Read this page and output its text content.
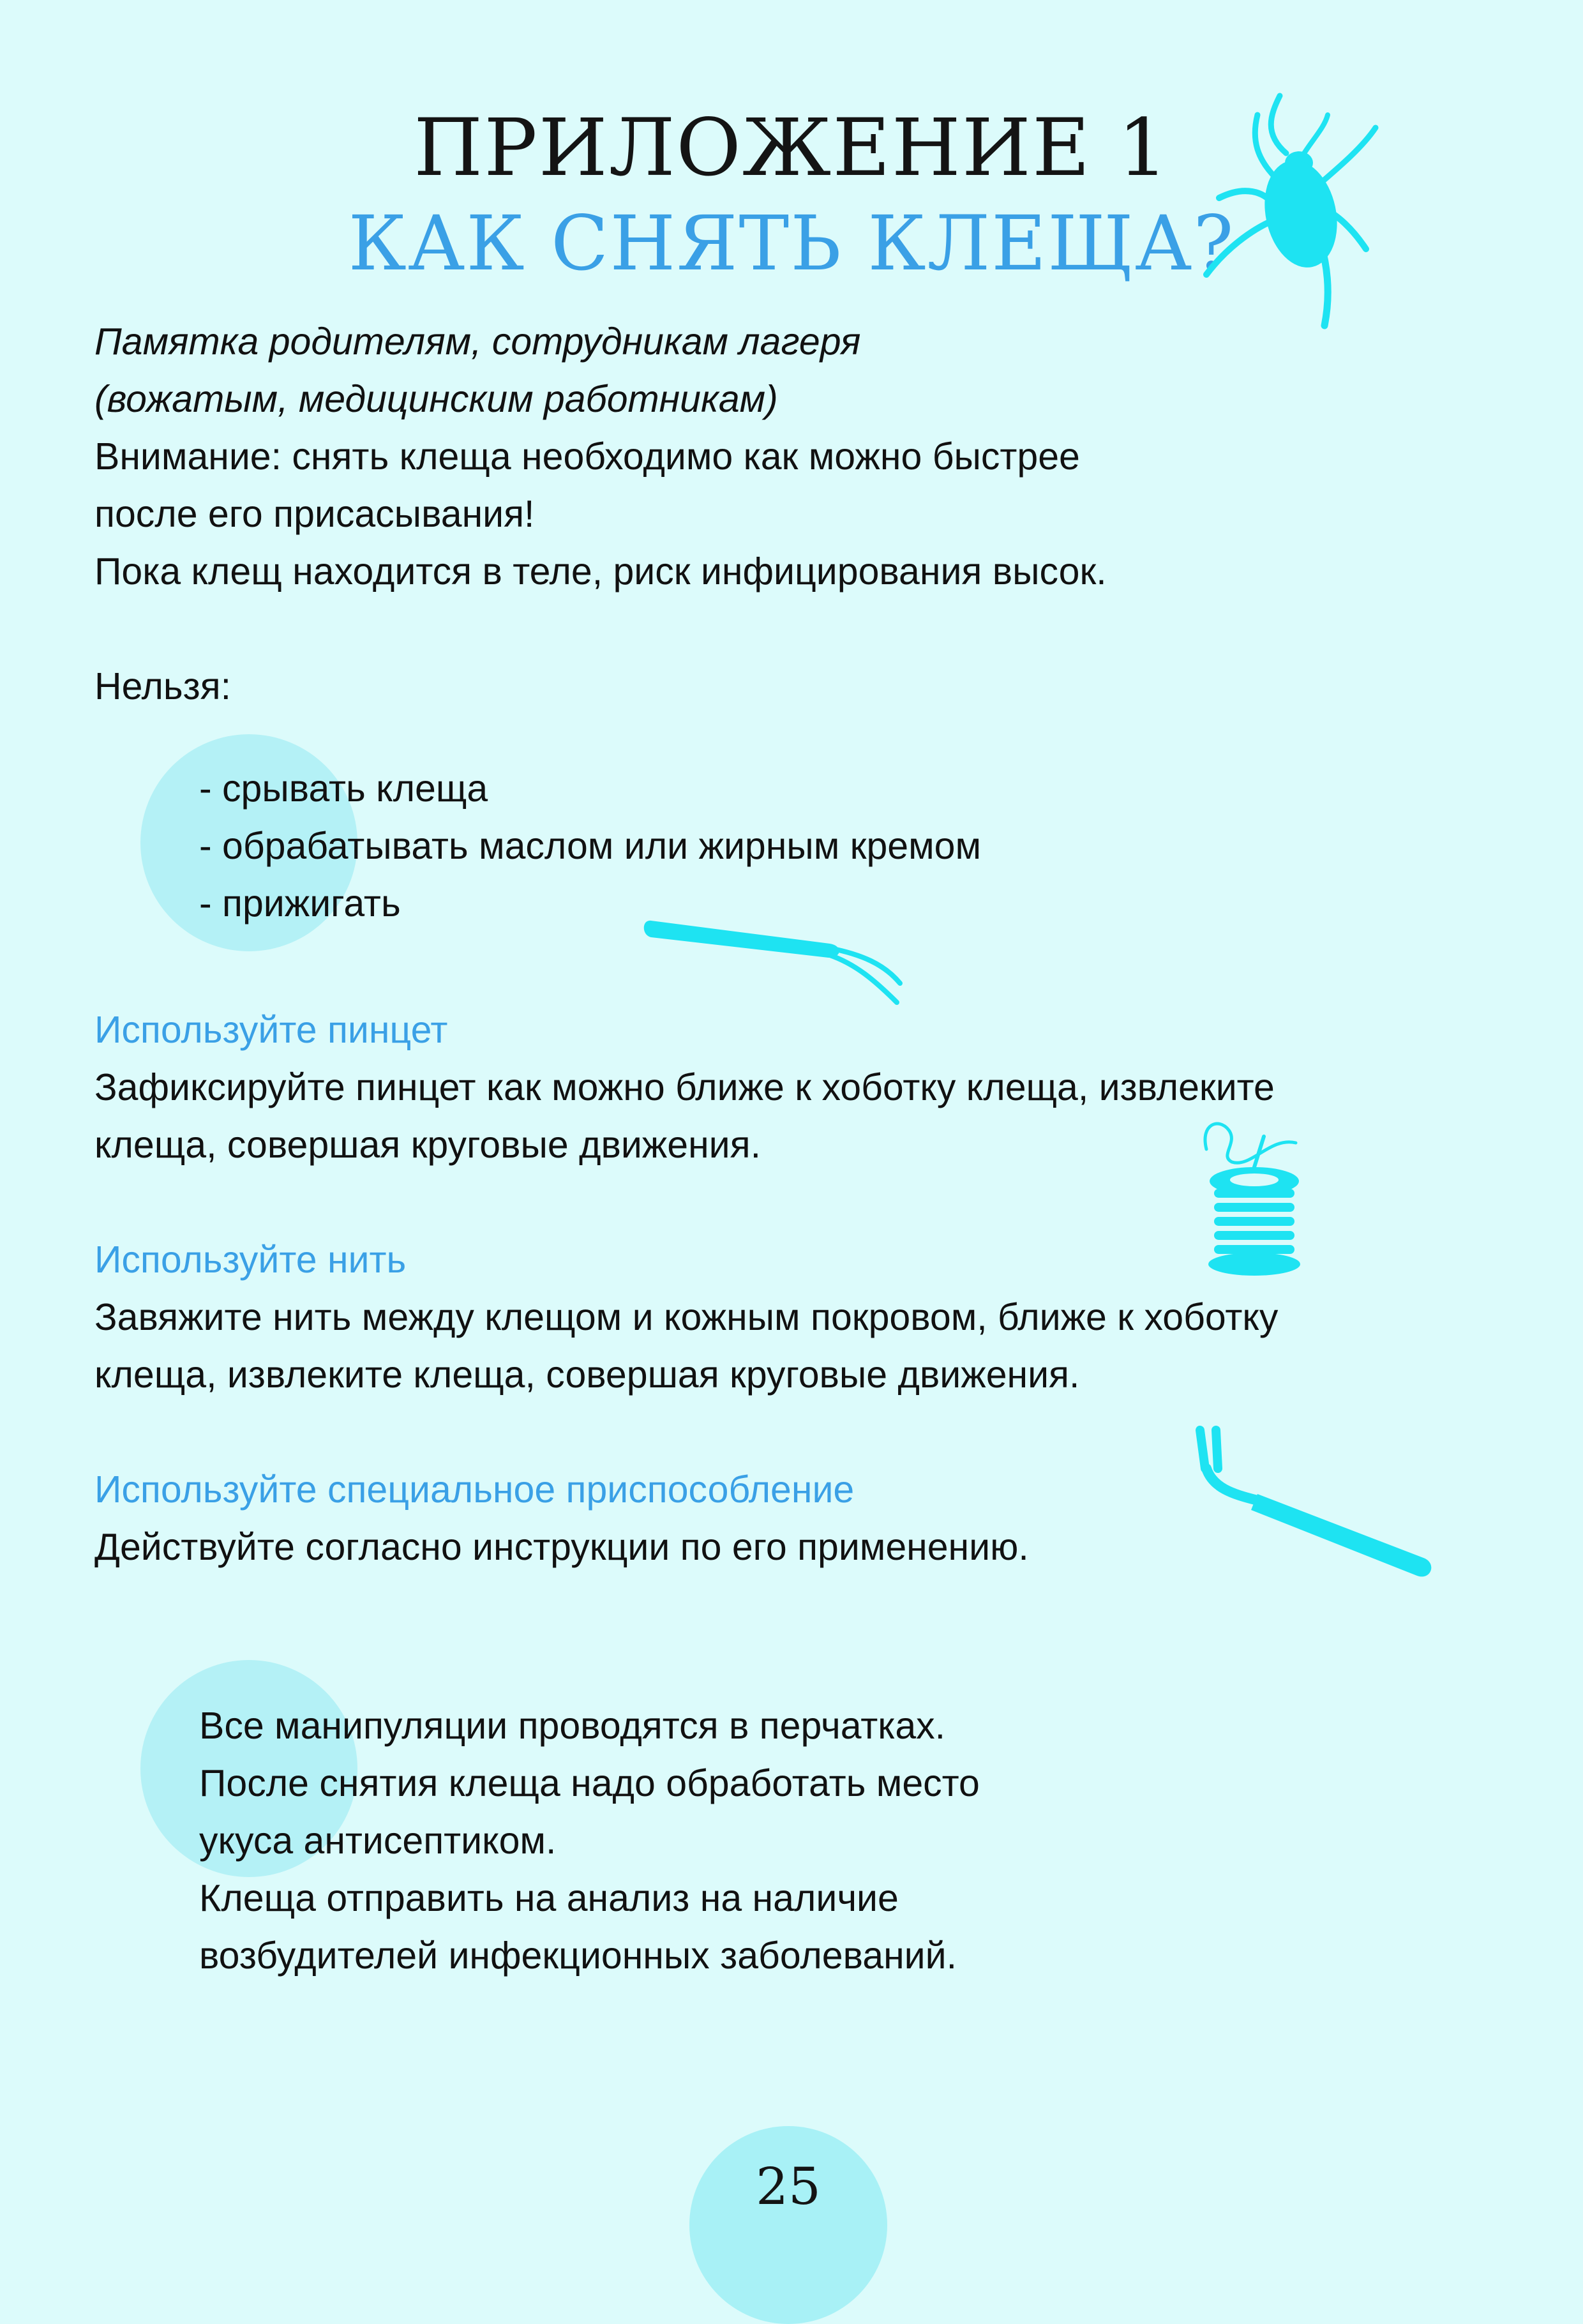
ПРИЛОЖЕНИЕ 1
КАК СНЯТЬ КЛЕЩА?
Памятка родителям, сотрудникам лагеря
(вожатым, медицинским работникам)
Внимание: снять клеща необходимо как можно быстрее
после его присасывания!
Пока клещ находится в теле, риск инфицирования высок.
Нельзя:
- срывать клеща
- обрабатывать маслом или жирным кремом
- прижигать
Используйте пинцет
Зафиксируйте пинцет как можно ближе к хоботку клеща, извлеките
клеща, совершая круговые движения.
Используйте нить
Завяжите нить между клещом и кожным покровом, ближе к хоботку
клеща, извлеките клеща, совершая круговые движения.
Используйте специальное приспособление
Действуйте согласно инструкции по его применению.
Все манипуляции проводятся в перчатках.
После снятия клеща надо обработать место
укуса антисептиком.
Клеща отправить на анализ на наличие
возбудителей инфекционных заболеваний.
25
